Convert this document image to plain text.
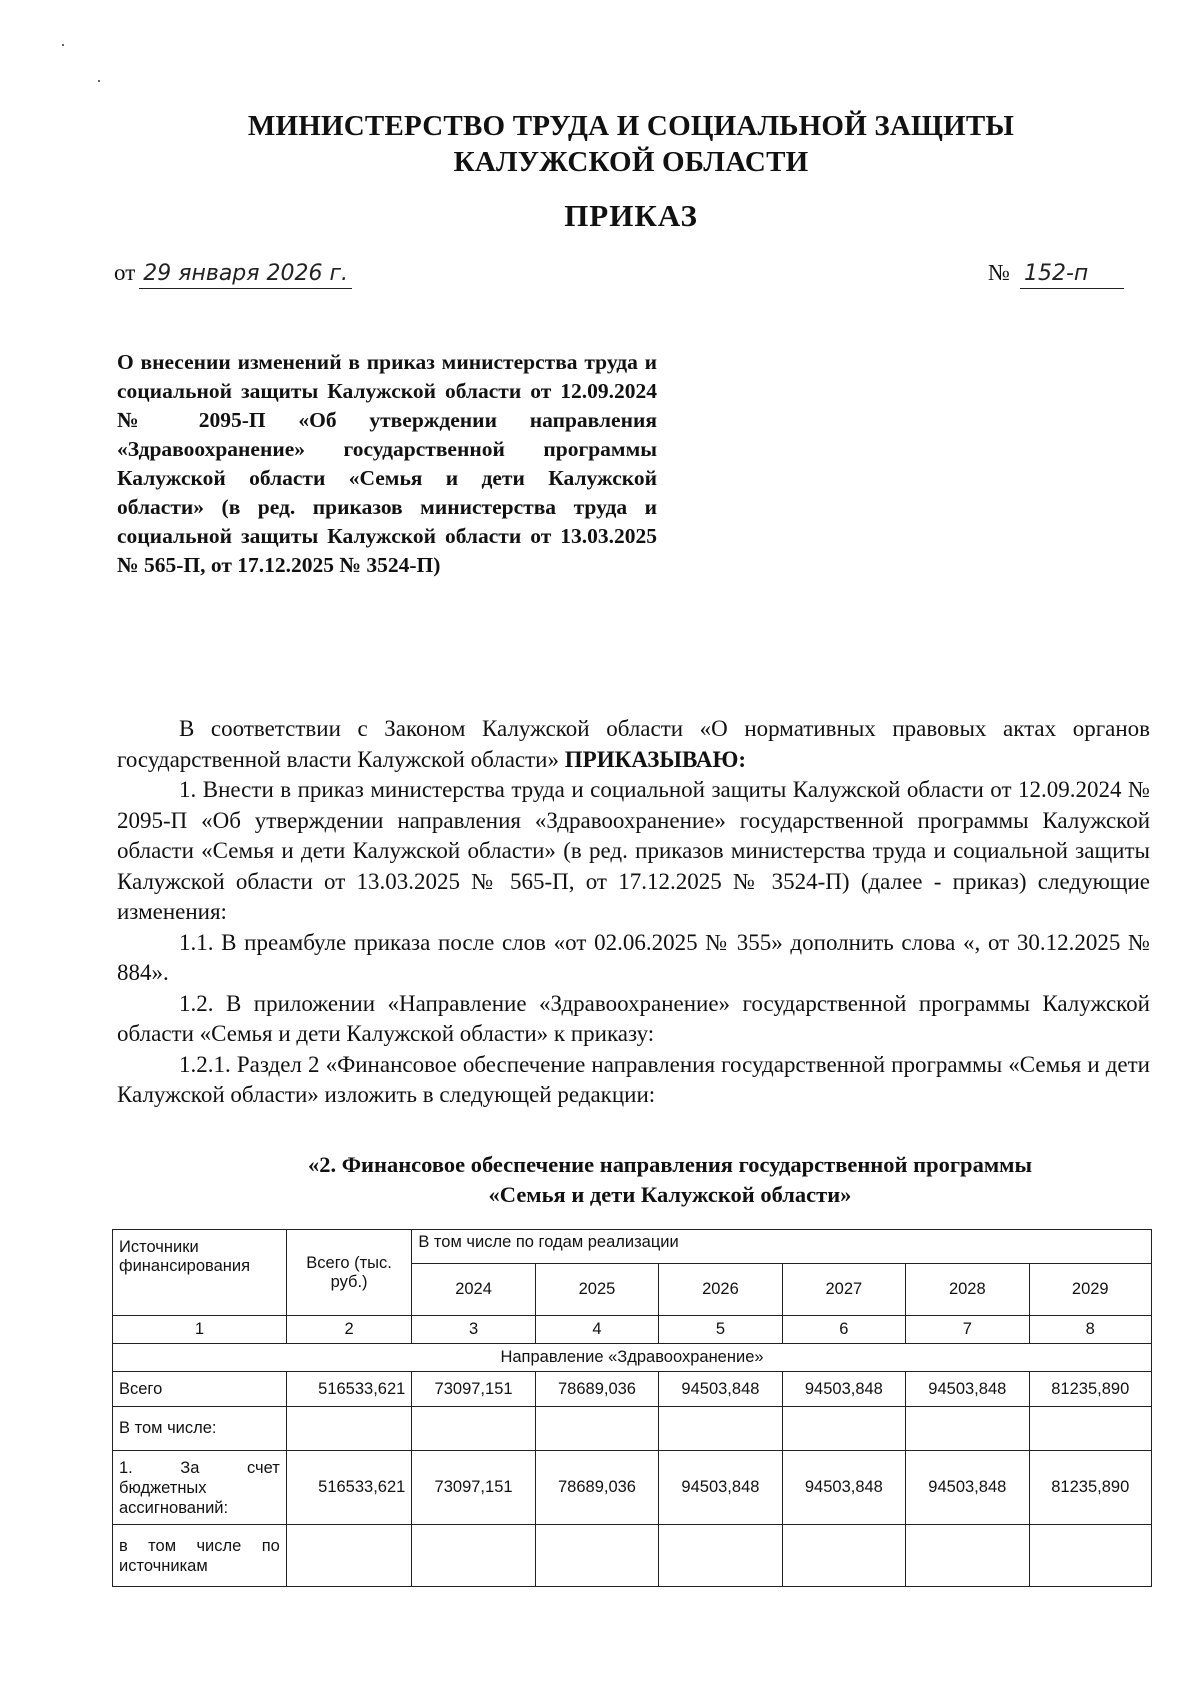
МИНИСТЕРСТВО ТРУДА И СОЦИАЛЬНОЙ ЗАЩИТЫ
КАЛУЖСКОЙ ОБЛАСТИ
ПРИКАЗ
от 29 января 2026 г.	№ 152-п
О внесении изменений в приказ министерства труда и социальной защиты Калужской области от 12.09.2024 № 2095-П «Об утверждении направления «Здравоохранение» государственной программы Калужской области «Семья и дети Калужской области» (в ред. приказов министерства труда и социальной защиты Калужской области от 13.03.2025 № 565-П, от 17.12.2025 № 3524-П)

В соответствии с Законом Калужской области «О нормативных правовых актах органов государственной власти Калужской области» ПРИКАЗЫВАЮ:

1. Внести в приказ министерства труда и социальной защиты Калужской области от 12.09.2024 № 2095-П «Об утверждении направления «Здравоохранение» государственной программы Калужской области «Семья и дети Калужской области» (в ред. приказов министерства труда и социальной защиты Калужской области от 13.03.2025 № 565-П, от 17.12.2025 № 3524-П) (далее - приказ) следующие изменения:

1.1. В преамбуле приказа после слов «от 02.06.2025 № 355» дополнить слова «, от 30.12.2025 № 884».

1.2. В приложении «Направление «Здравоохранение» государственной программы Калужской области «Семья и дети Калужской области» к приказу:

1.2.1. Раздел 2 «Финансовое обеспечение направления государственной программы «Семья и дети Калужской области» изложить в следующей редакции:

«2. Финансовое обеспечение направления государственной программы
«Семья и дети Калужской области»
Источники финансирования	Всего (тыс. руб.)	В том числе по годам реализации					
		2024	2025	2026	2027	2028	2029
1	2	3	4	5	6	7	8
Направление «Здравоохранение»							
Всего	516533,621	73097,151	78689,036	94503,848	94503,848	94503,848	81235,890
В том числе:							
1. За счет бюджетных ассигнований:	516533,621	73097,151	78689,036	94503,848	94503,848	94503,848	81235,890
в том числе по источникам							
